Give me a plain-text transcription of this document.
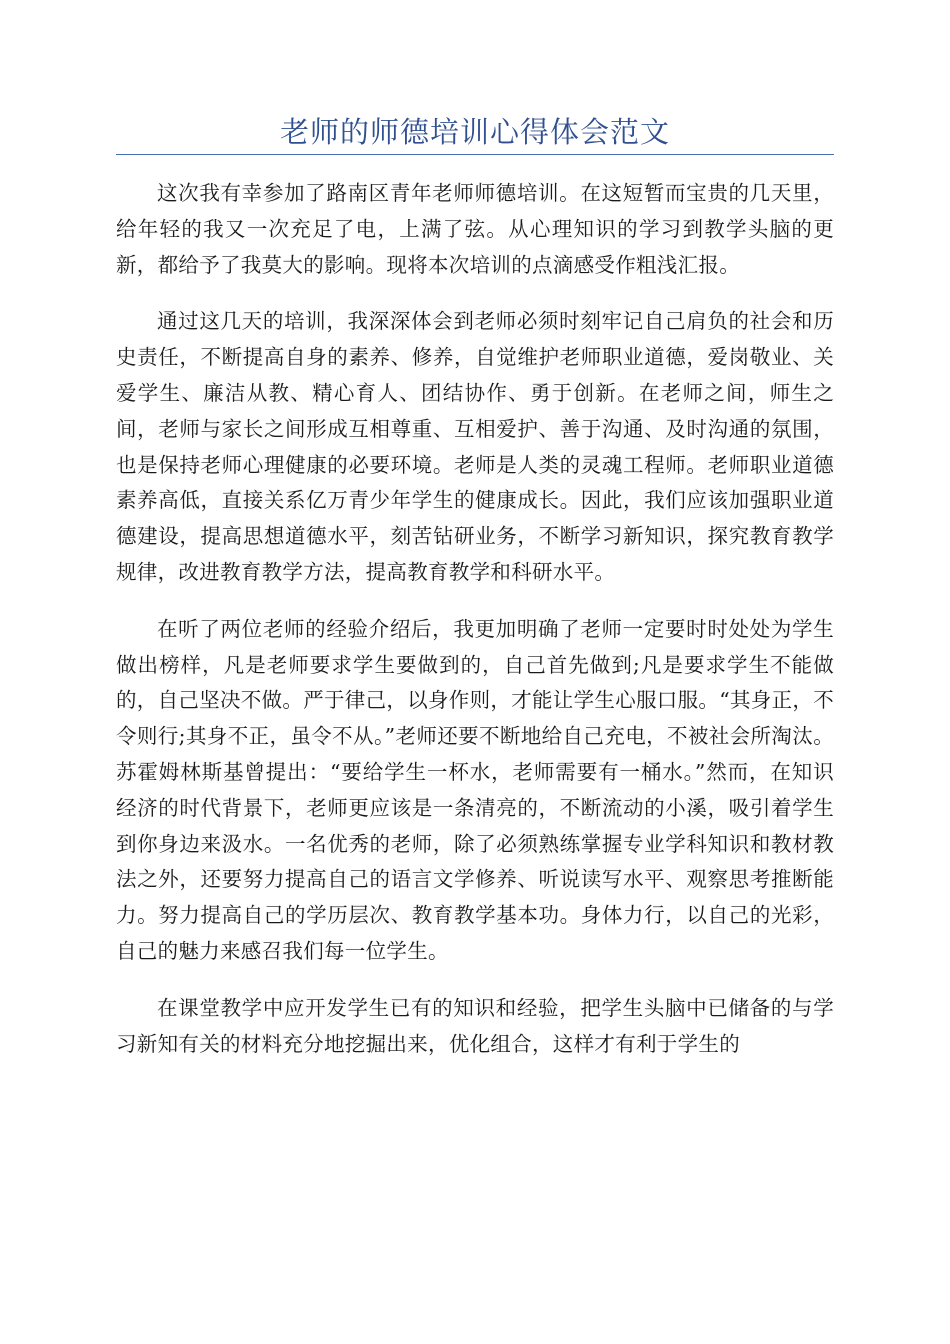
老师的师德培训心得体会范文

这次我有幸参加了路南区青年老师师德培训。在这短暂而宝贵的几天里，给年轻的我又一次充足了电，上满了弦。从心理知识的学习到教学头脑的更新，都给予了我莫大的影响。现将本次培训的点滴感受作粗浅汇报。

通过这几天的培训，我深深体会到老师必须时刻牢记自己肩负的社会和历史责任，不断提高自身的素养、修养，自觉维护老师职业道德，爱岗敬业、关爱学生、廉洁从教、精心育人、团结协作、勇于创新。在老师之间，师生之间，老师与家长之间形成互相尊重、互相爱护、善于沟通、及时沟通的氛围，也是保持老师心理健康的必要环境。老师是人类的灵魂工程师。老师职业道德素养高低，直接关系亿万青少年学生的健康成长。因此，我们应该加强职业道德建设，提高思想道德水平，刻苦钻研业务，不断学习新知识，探究教育教学规律，改进教育教学方法，提高教育教学和科研水平。

在听了两位老师的经验介绍后，我更加明确了老师一定要时时处处为学生做出榜样，凡是老师要求学生要做到的，自己首先做到;凡是要求学生不能做的，自己坚决不做。严于律己，以身作则，才能让学生心服口服。“其身正，不令则行;其身不正，虽令不从。”老师还要不断地给自己充电，不被社会所淘汰。苏霍姆林斯基曾提出：“要给学生一杯水，老师需要有一桶水。”然而，在知识经济的时代背景下，老师更应该是一条清亮的，不断流动的小溪，吸引着学生到你身边来汲水。一名优秀的老师，除了必须熟练掌握专业学科知识和教材教法之外，还要努力提高自己的语言文学修养、听说读写水平、观察思考推断能力。努力提高自己的学历层次、教育教学基本功。身体力行，以自己的光彩，自己的魅力来感召我们每一位学生。

在课堂教学中应开发学生已有的知识和经验，把学生头脑中已储备的与学习新知有关的材料充分地挖掘出来，优化组合，这样才有利于学生的
